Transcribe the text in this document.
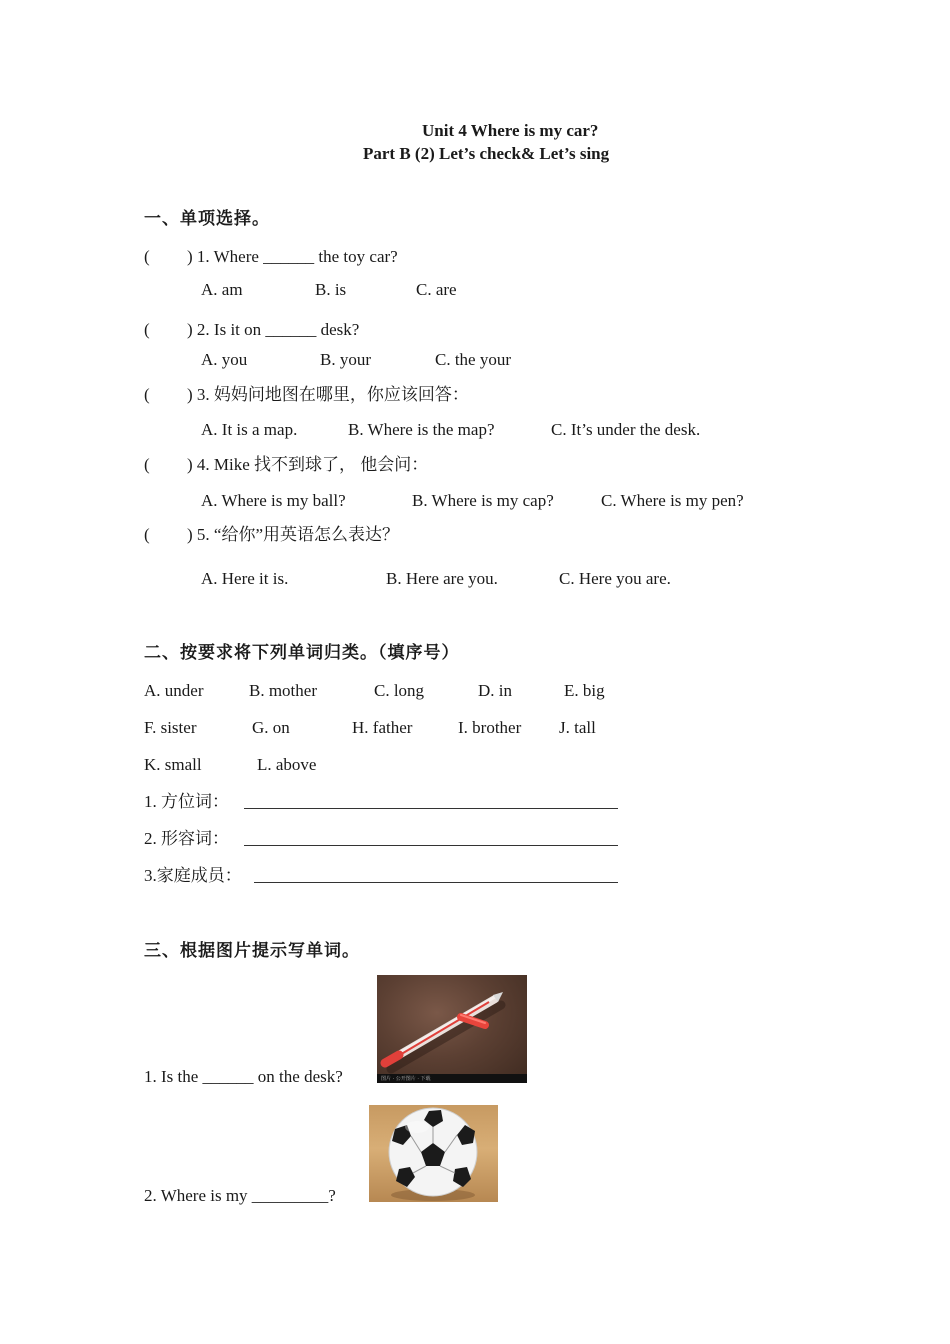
Unit 4 Where is my car?
Part B (2) Let’s check& Let’s sing
一、单项选择。
( ) 1. Where ______ the toy car?
A. am	B. is	C. are
( ) 2. Is it on ______ desk?
A. you	B. your	C. the your
( ) 3. 妈妈问地图在哪里，你应该回答：
A. It is a map.	B. Where is the map?	C. It’s under the desk.
( ) 4. Mike 找不到球了， 他会问：
A. Where is my ball?	B. Where is my cap?	C. Where is my pen?
( ) 5. “给你”用英语怎么表达？
A. Here it is.	B. Here are you.	C. Here you are.
二、按要求将下列单词归类。（填序号）
A. under	B. mother	C. long	D. in	E. big
F. sister	G. on	H. father	I. brother J. tall
K. small	L. above
1. 方位词：
2. 形容词：
3.家庭成员：
三、根据图片提示写单词。
1. Is the ______ on the desk?	图片 · 公开图片 · 下载
2. Where is my _________?
